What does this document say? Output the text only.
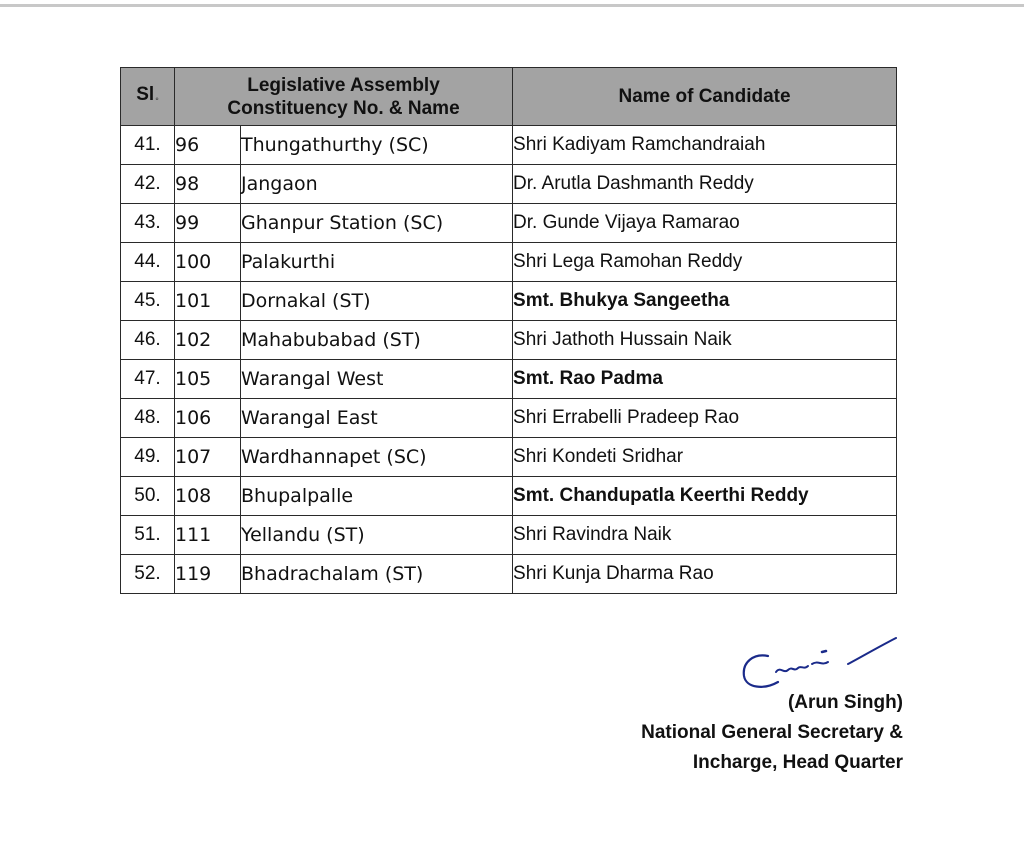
Sl◦	Legislative Assembly
Constituency No. & Name		Name of Candidate
41.	96	Thungathurthy (SC)	Shri Kadiyam Ramchandraiah
42.	98	Jangaon	Dr. Arutla Dashmanth Reddy
43.	99	Ghanpur Station (SC)	Dr. Gunde Vijaya Ramarao
44.	100	Palakurthi	Shri Lega Ramohan Reddy
45.	101	Dornakal (ST)	Smt. Bhukya Sangeetha
46.	102	Mahabubabad (ST)	Shri Jathoth Hussain Naik
47.	105	Warangal West	Smt. Rao Padma
48.	106	Warangal East	Shri Errabelli Pradeep Rao
49.	107	Wardhannapet (SC)	Shri Kondeti Sridhar
50.	108	Bhupalpalle	Smt. Chandupatla Keerthi Reddy
51.	111	Yellandu (ST)	Shri Ravindra Naik
52.	119	Bhadrachalam (ST)	Shri Kunja Dharma Rao
(Arun Singh)
National General Secretary &
Incharge, Head Quarter
